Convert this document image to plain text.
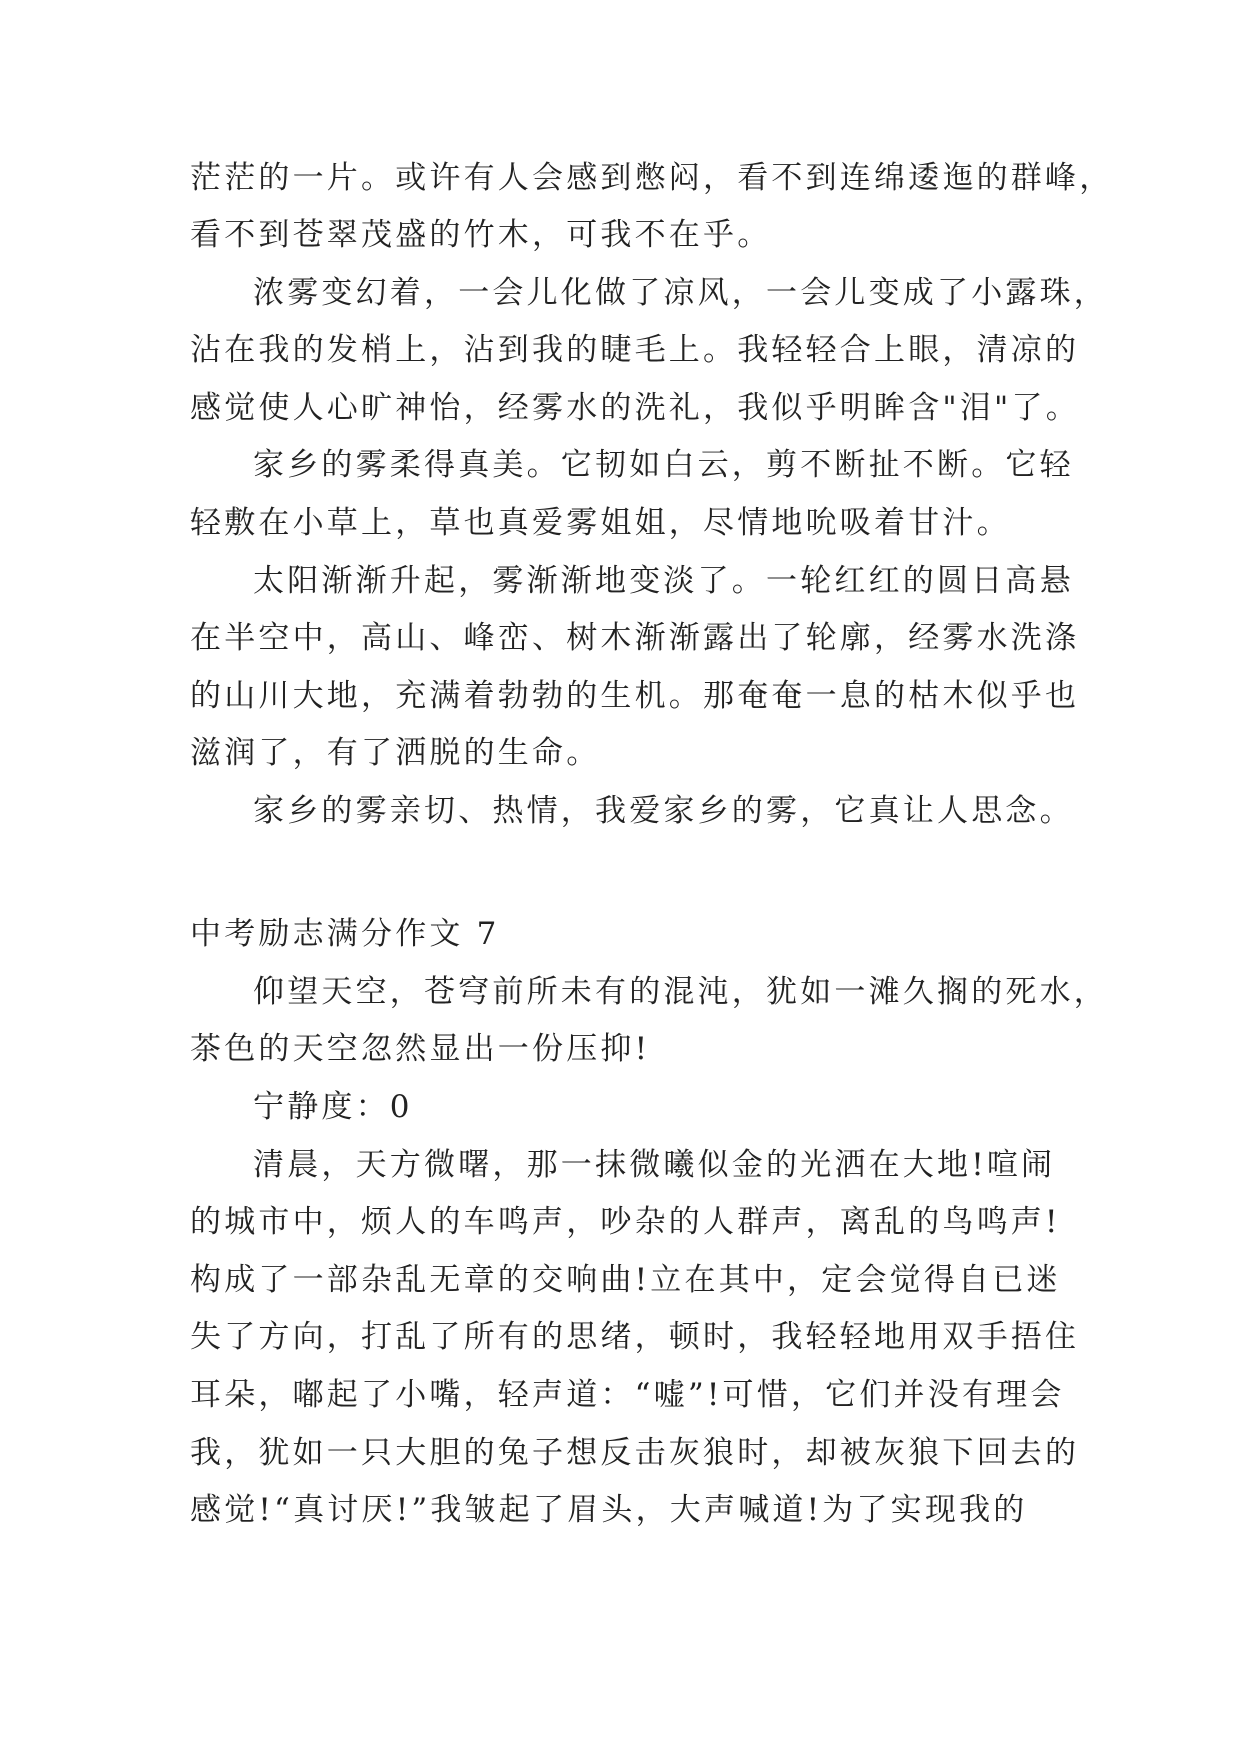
茫茫的一片。或许有人会感到憋闷，看不到连绵逶迤的群峰，
看不到苍翠茂盛的竹木，可我不在乎。
浓雾变幻着，一会儿化做了凉风，一会儿变成了小露珠，
沾在我的发梢上，沾到我的睫毛上。我轻轻合上眼，清凉的
感觉使人心旷神怡，经雾水的洗礼，我似乎明眸含"泪"了。
家乡的雾柔得真美。它韧如白云，剪不断扯不断。它轻
轻敷在小草上，草也真爱雾姐姐，尽情地吮吸着甘汁。
太阳渐渐升起，雾渐渐地变淡了。一轮红红的圆日高悬
在半空中，高山、峰峦、树木渐渐露出了轮廓，经雾水洗涤
的山川大地，充满着勃勃的生机。那奄奄一息的枯木似乎也
滋润了，有了洒脱的生命。
家乡的雾亲切、热情，我爱家乡的雾，它真让人思念。
中考励志满分作文 7
仰望天空，苍穹前所未有的混沌，犹如一滩久搁的死水，
茶色的天空忽然显出一份压抑!
宁静度：0
清晨，天方微曙，那一抹微曦似金的光洒在大地!喧闹
的城市中，烦人的车鸣声，吵杂的人群声，离乱的鸟鸣声!
构成了一部杂乱无章的交响曲!立在其中，定会觉得自已迷
失了方向，打乱了所有的思绪，顿时，我轻轻地用双手捂住
耳朵，嘟起了小嘴，轻声道：“嘘”!可惜，它们并没有理会
我，犹如一只大胆的兔子想反击灰狼时，却被灰狼下回去的
感觉!“真讨厌!”我皱起了眉头，大声喊道!为了实现我的
